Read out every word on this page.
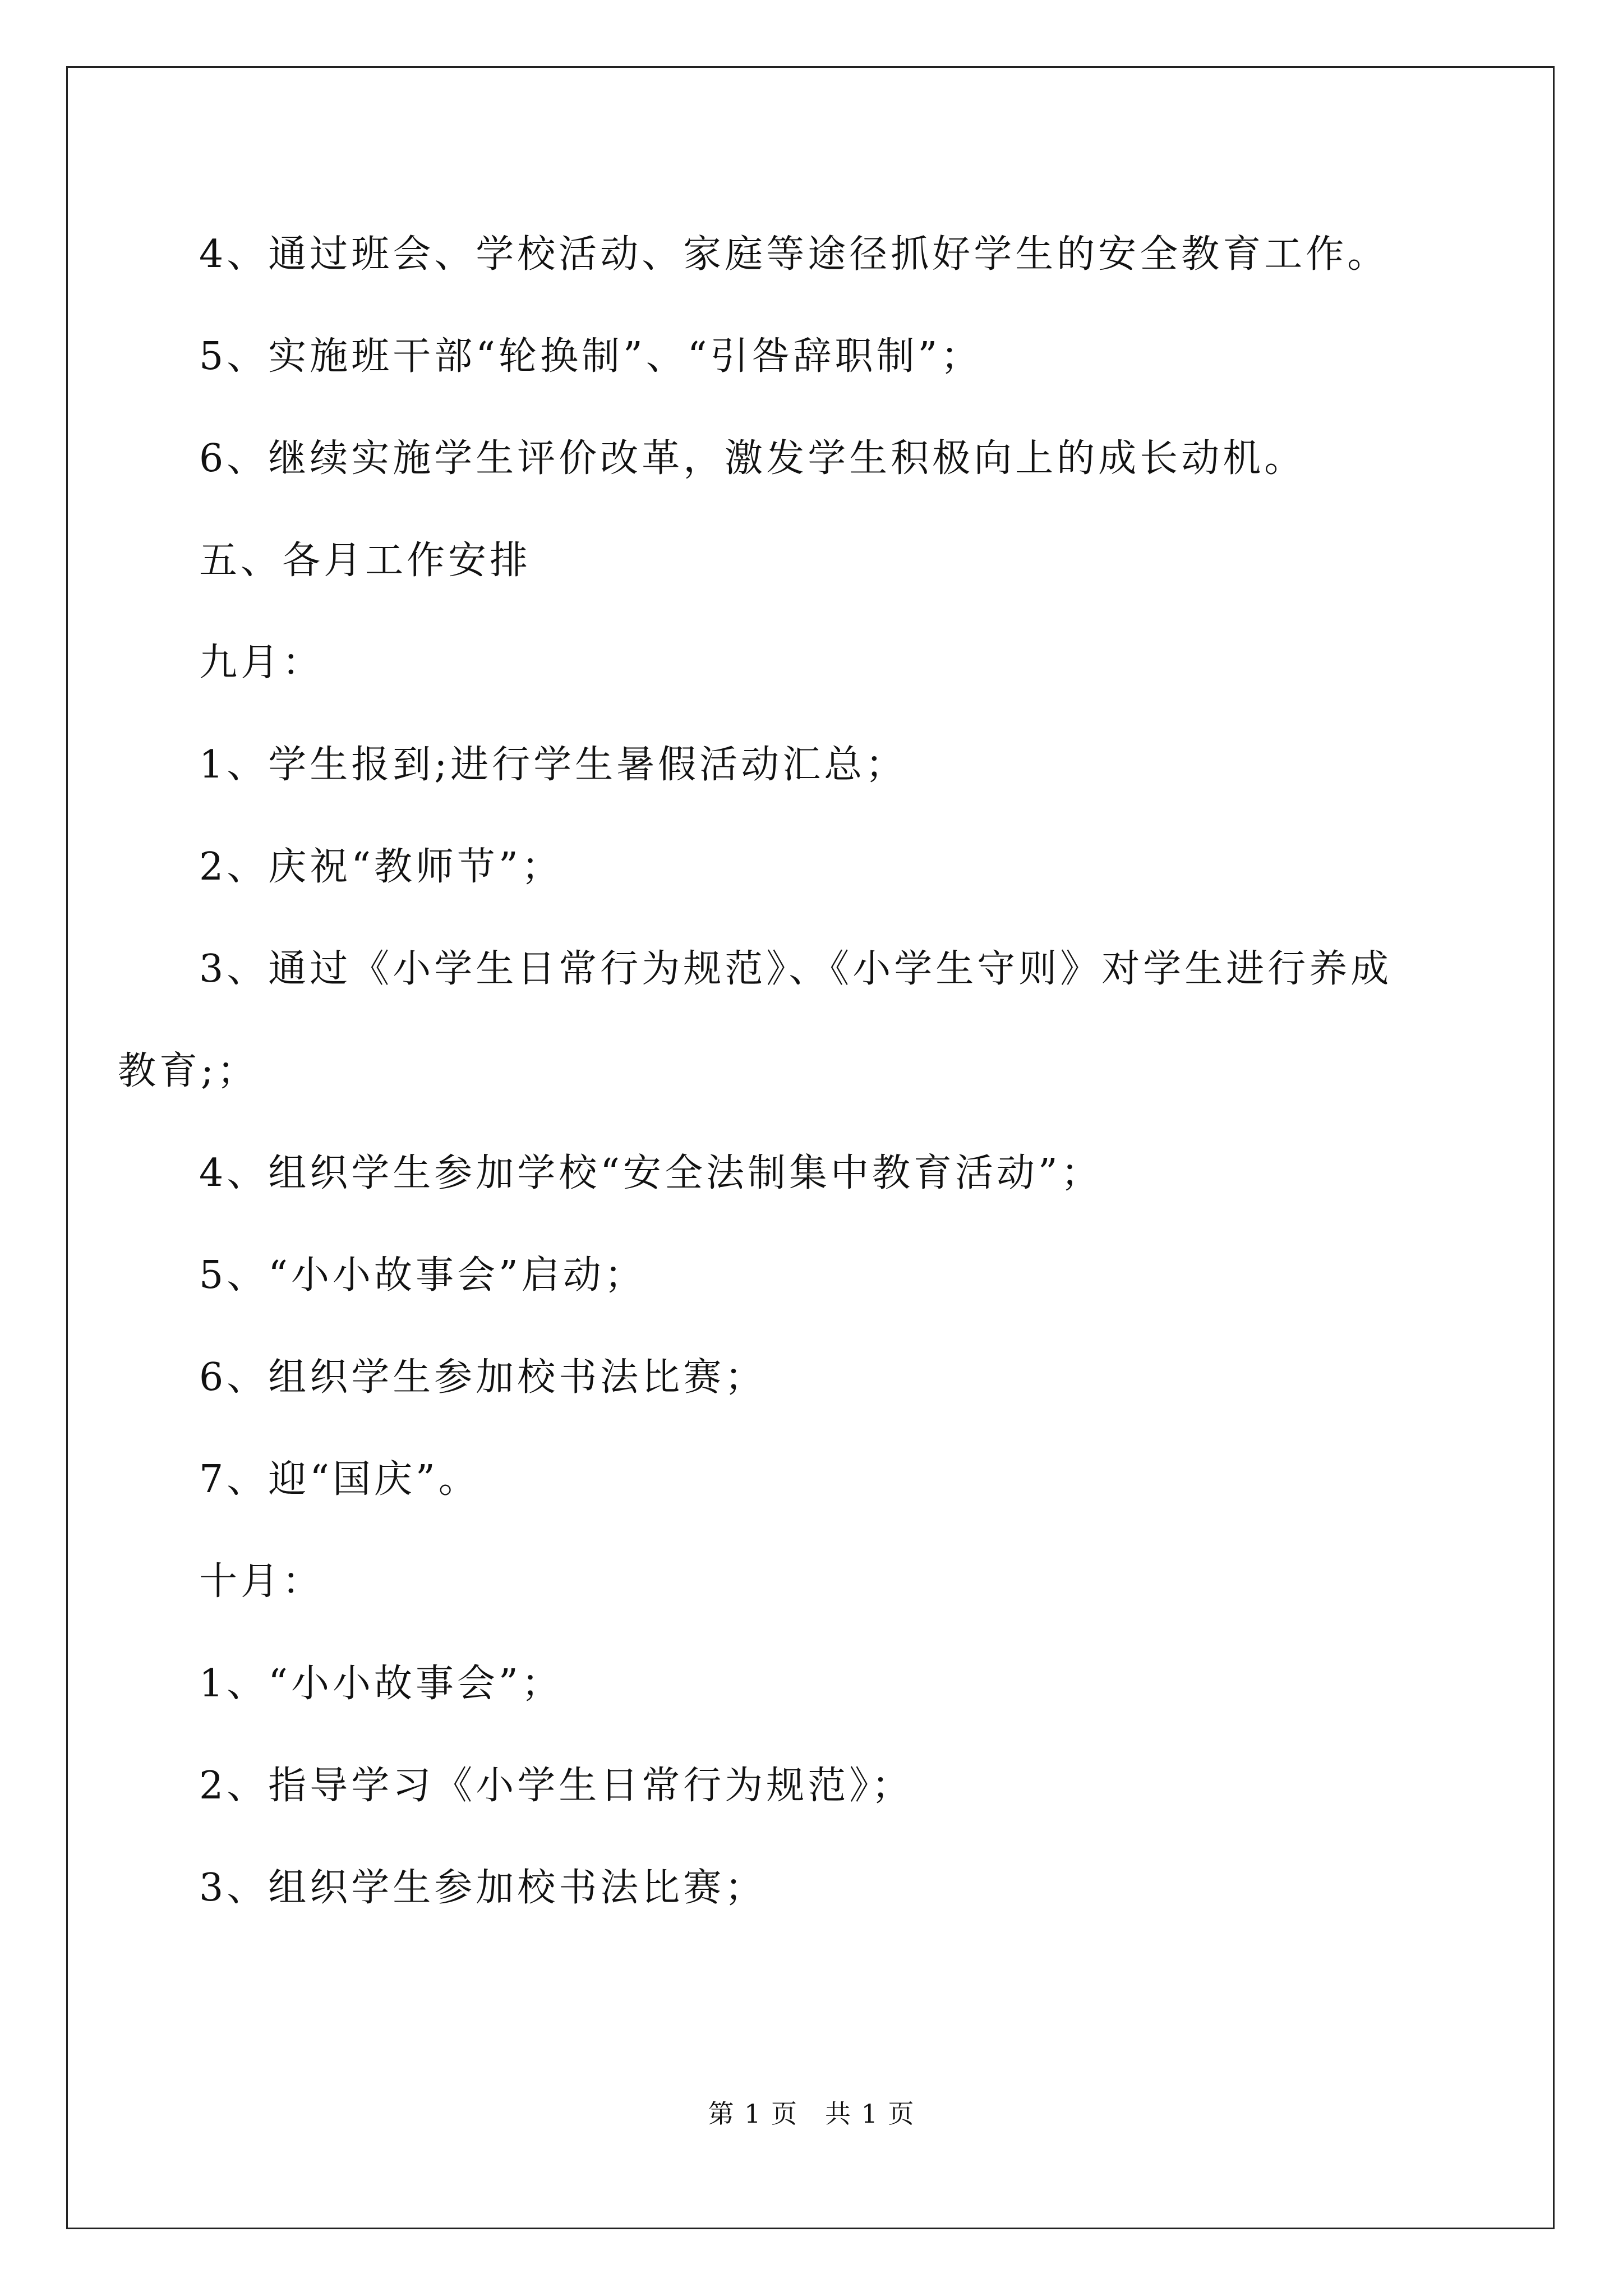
4、通过班会、学校活动、家庭等途径抓好学生的安全教育工作。
5、实施班干部“轮换制”、“引咎辞职制”；
6、继续实施学生评价改革，激发学生积极向上的成长动机。
五、各月工作安排
九月：
1、学生报到;进行学生暑假活动汇总；
2、庆祝“教师节”；
3、通过《小学生日常行为规范》、《小学生守则》对学生进行养成
教育;；
4、组织学生参加学校“安全法制集中教育活动”；
5、“小小故事会”启动；
6、组织学生参加校书法比赛；
7、迎“国庆”。
十月：
1、“小小故事会”；
2、指导学习《小学生日常行为规范》；
3、组织学生参加校书法比赛；
第 1 页　共 1 页
